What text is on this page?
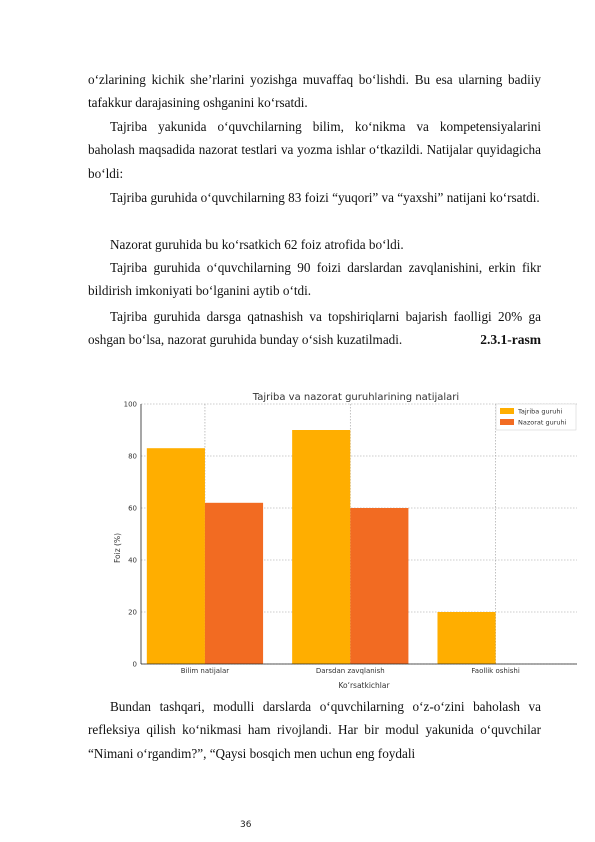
o‘zlarining kichik she’rlarini yozishga muvaffaq bo‘lishdi. Bu esa ularning badiiy tafakkur darajasining oshganini ko‘rsatdi.

Tajriba yakunida o‘quvchilarning bilim, ko‘nikma va kompetensiyalarini baholash maqsadida nazorat testlari va yozma ishlar o‘tkazildi. Natijalar quyidagicha bo‘ldi:

Tajriba guruhida o‘quvchilarning 83 foizi “yuqori” va “yaxshi” natijani ko‘rsatdi.

Nazorat guruhida bu ko‘rsatkich 62 foiz atrofida bo‘ldi.

Tajriba guruhida o‘quvchilarning 90 foizi darslardan zavqlanishini, erkin fikr bildirish imkoniyati bo‘lganini aytib o‘tdi.

Tajriba guruhida darsga qatnashish va topshiriqlarni bajarish faolligi 20% ga oshgan bo‘lsa, nazorat guruhida bunday o‘sish kuzatilmadi.	2.3.1-rasm
Tajriba va nazorat guruhlarining natijalari
0
20
40
60
80
100
Bilim natijalar	Darsdan zavqlanish	Faollik oshishi
Ko‘rsatkichlar
Foiz (%)
Tajriba guruhi
Nazorat guruhi

Bundan tashqari, modulli darslarda o‘quvchilarning o‘z-o‘zini baholash va refleksiya qilish ko‘nikmasi ham rivojlandi. Har bir modul yakunida o‘quvchilar “Nimani o‘rgandim?”, “Qaysi bosqich men uchun eng foydali

36
